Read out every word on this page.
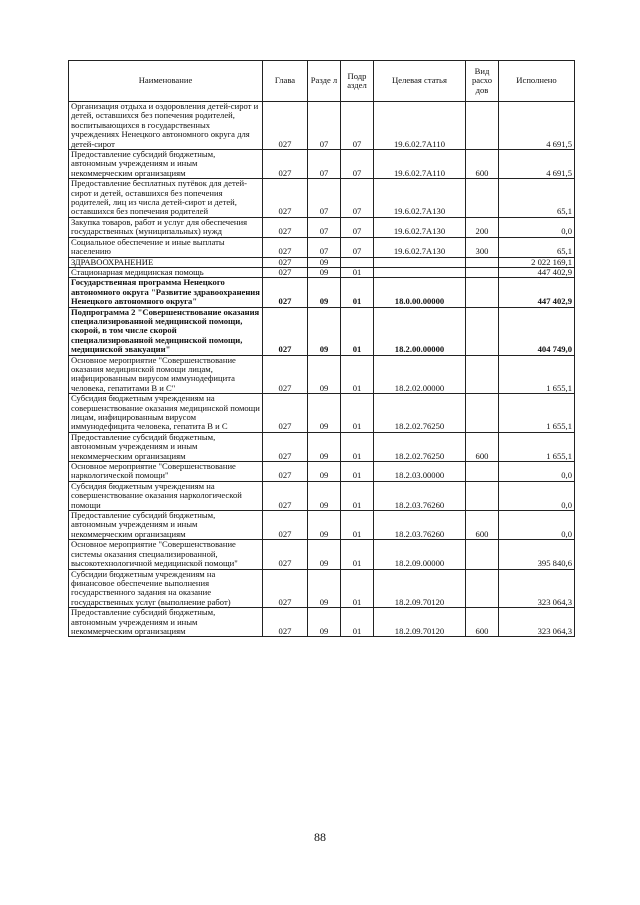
Наименование	Глава	Разде л	Подр аздел	Целевая статья	Вид расхо дов	Исполнено
Организация отдыха и оздоровления детей-сирот и детей, оставшихся без попечения родителей, воспитывающихся в государственных учреждениях Ненецкого автономного округа для детей-сирот	027	07	07	19.6.02.7А110		4 691,5
Предоставление субсидий бюджетным, автономным учреждениям и иным некоммерческим организациям	027	07	07	19.6.02.7А110	600	4 691,5
Предоставление бесплатных путёвок для детей-сирот и детей, оставшихся без попечения родителей, лиц из числа детей-сирот и детей, оставшихся без попечения родителей	027	07	07	19.6.02.7А130		65,1
Закупка товаров, работ и услуг для обеспечения государственных (муниципальных) нужд	027	07	07	19.6.02.7А130	200	0,0
Социальное обеспечение и иные выплаты населению	027	07	07	19.6.02.7А130	300	65,1
ЗДРАВООХРАНЕНИЕ	027	09				2 022 169,1
Стационарная медицинская помощь	027	09	01			447 402,9
Государственная программа Ненецкого автономного округа "Развитие здравоохранения Ненецкого автономного округа"	027	09	01	18.0.00.00000		447 402,9
Подпрограмма 2 "Совершенствование оказания специализированной медицинской помощи, скорой, в том числе скорой специализированной медицинской помощи, медицинской эвакуации"	027	09	01	18.2.00.00000		404 749,0
Основное мероприятие "Совершенствование оказания медицинской помощи лицам, инфицированным вирусом иммунодефицита человека, гепатитами В и С"	027	09	01	18.2.02.00000		1 655,1
Субсидия бюджетным учреждениям на совершенствование оказания медицинской помощи лицам, инфицированным вирусом иммунодефицита человека, гепатита В и С	027	09	01	18.2.02.76250		1 655,1
Предоставление субсидий бюджетным, автономным учреждениям и иным некоммерческим организациям	027	09	01	18.2.02.76250	600	1 655,1
Основное мероприятие "Совершенствование наркологической помощи"	027	09	01	18.2.03.00000		0,0
Субсидия бюджетным учреждениям на совершенствование оказания наркологической помощи	027	09	01	18.2.03.76260		0,0
Предоставление субсидий бюджетным, автономным учреждениям и иным некоммерческим организациям	027	09	01	18.2.03.76260	600	0,0
Основное мероприятие "Совершенствование системы оказания специализированной, высокотехнологичной медицинской помощи"	027	09	01	18.2.09.00000		395 840,6
Субсидии бюджетным учреждениям на финансовое обеспечение выполнения государственного задания на оказание государственных услуг (выполнение работ)	027	09	01	18.2.09.70120		323 064,3
Предоставление субсидий бюджетным, автономным учреждениям и иным некоммерческим организациям	027	09	01	18.2.09.70120	600	323 064,3
88
